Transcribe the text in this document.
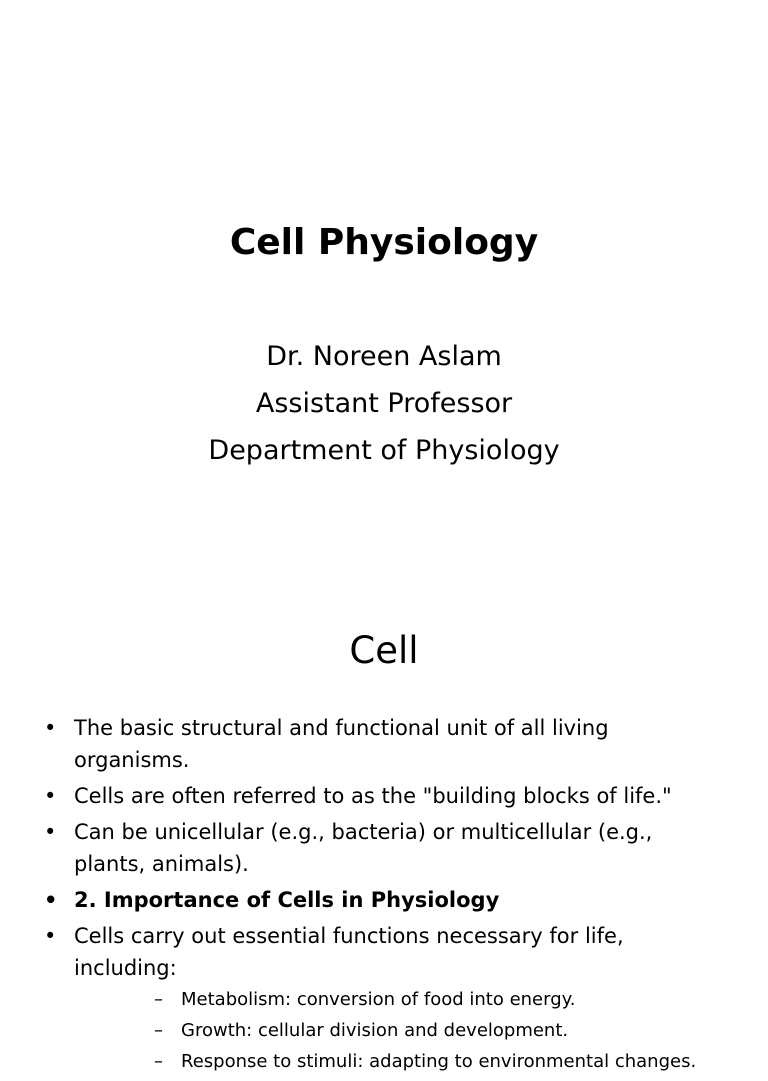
Cell Physiology
Dr. Noreen Aslam
Assistant Professor
Department of Physiology
Cell
• The basic structural and functional unit of all living organisms.
• Cells are often referred to as the "building blocks of life."
• Can be unicellular (e.g., bacteria) or multicellular (e.g., plants, animals).
• 2. Importance of Cells in Physiology
• Cells carry out essential functions necessary for life, including:
– Metabolism: conversion of food into energy.
– Growth: cellular division and development.
– Response to stimuli: adapting to environmental changes.
